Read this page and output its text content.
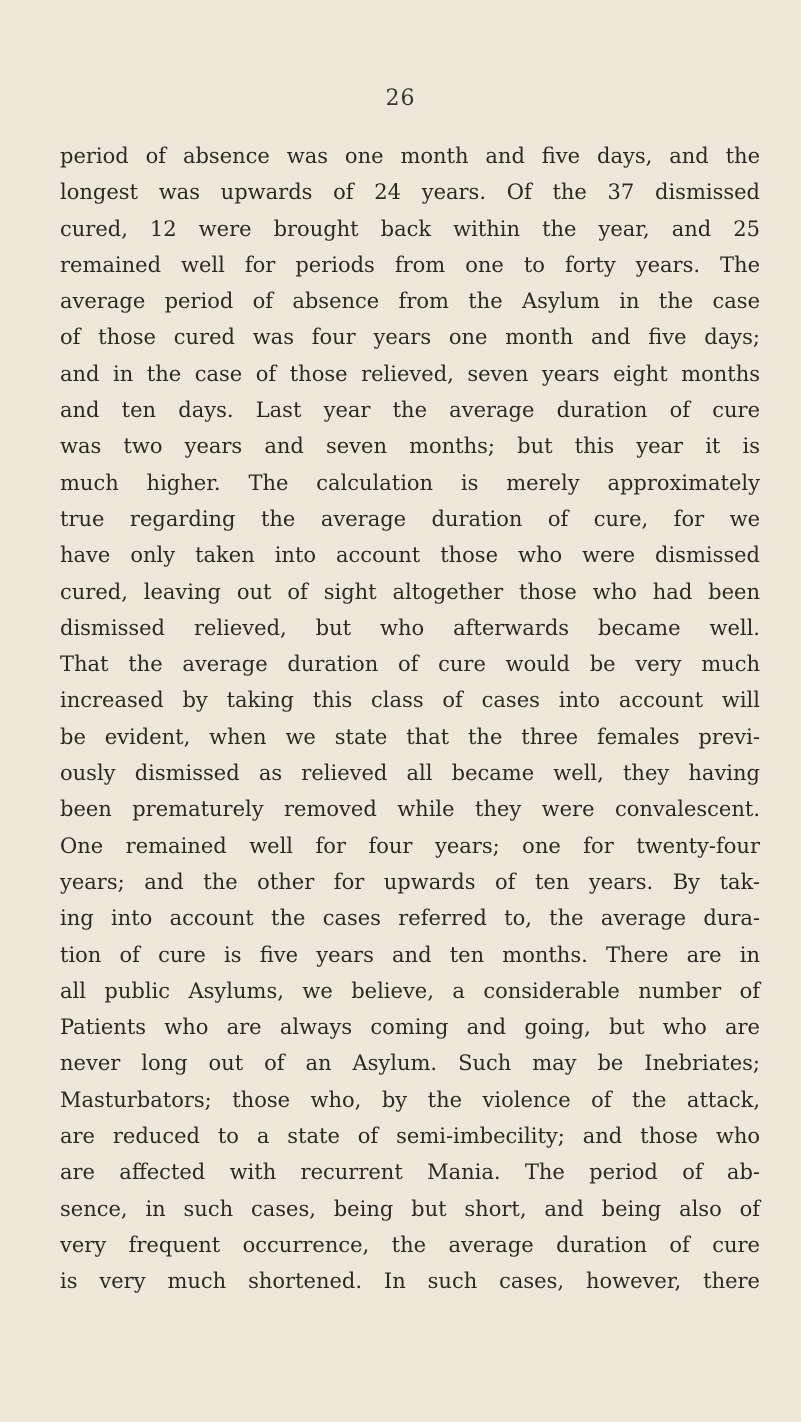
26
period of absence was one month and five days, and the
longest was upwards of 24 years. Of the 37 dismissed
cured, 12 were brought back within the year, and 25
remained well for periods from one to forty years. The
average period of absence from the Asylum in the case
of those cured was four years one month and five days;
and in the case of those relieved, seven years eight months
and ten days. Last year the average duration of cure
was two years and seven months; but this year it is
much higher. The calculation is merely approximately
true regarding the average duration of cure, for we
have only taken into account those who were dismissed
cured, leaving out of sight altogether those who had been
dismissed relieved, but who afterwards became well.
That the average duration of cure would be very much
increased by taking this class of cases into account will
be evident, when we state that the three females previ-
ously dismissed as relieved all became well, they having
been prematurely removed while they were convalescent.
One remained well for four years; one for twenty-four
years; and the other for upwards of ten years. By tak-
ing into account the cases referred to, the average dura-
tion of cure is five years and ten months. There are in
all public Asylums, we believe, a considerable number of
Patients who are always coming and going, but who are
never long out of an Asylum. Such may be Inebriates;
Masturbators; those who, by the violence of the attack,
are reduced to a state of semi-imbecility; and those who
are affected with recurrent Mania. The period of ab-
sence, in such cases, being but short, and being also of
very frequent occurrence, the average duration of cure
is very much shortened. In such cases, however, there
